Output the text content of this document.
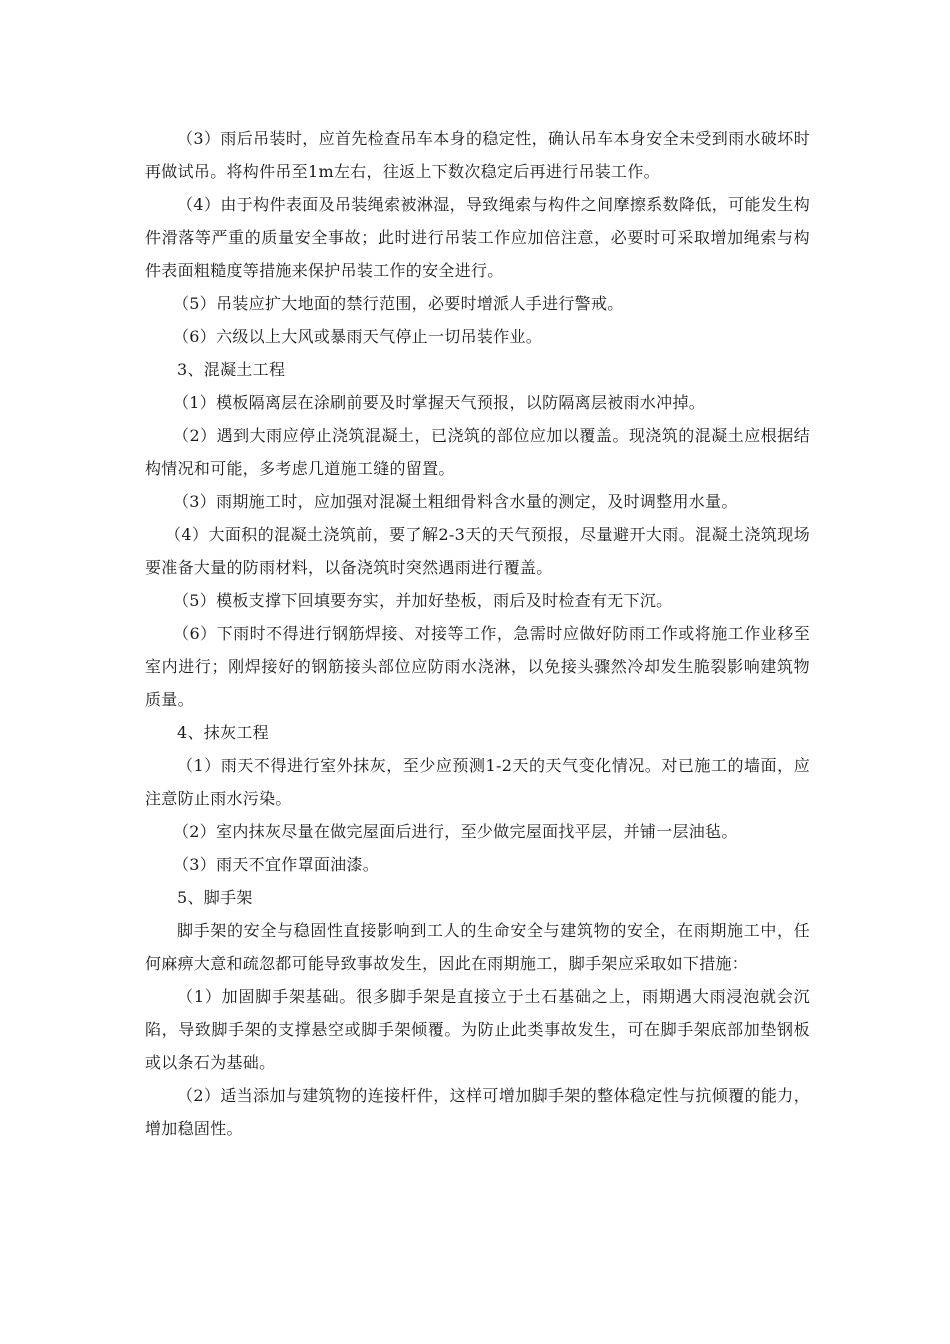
（3）雨后吊装时，应首先检查吊车本身的稳定性，确认吊车本身安全未受到雨水破坏时再做试吊。将构件吊至1m左右，往返上下数次稳定后再进行吊装工作。

（4）由于构件表面及吊装绳索被淋湿，导致绳索与构件之间摩擦系数降低，可能发生构件滑落等严重的质量安全事故；此时进行吊装工作应加倍注意，必要时可采取增加绳索与构件表面粗糙度等措施来保护吊装工作的安全进行。

（5）吊装应扩大地面的禁行范围，必要时增派人手进行警戒。

（6）六级以上大风或暴雨天气停止一切吊装作业。

3、混凝土工程

（1）模板隔离层在涂刷前要及时掌握天气预报，以防隔离层被雨水冲掉。

（2）遇到大雨应停止浇筑混凝土，已浇筑的部位应加以覆盖。现浇筑的混凝土应根据结构情况和可能，多考虑几道施工缝的留置。

（3）雨期施工时，应加强对混凝土粗细骨料含水量的测定，及时调整用水量。

（4）大面积的混凝土浇筑前，要了解2-3天的天气预报，尽量避开大雨。混凝土浇筑现场要准备大量的防雨材料，以备浇筑时突然遇雨进行覆盖。

（5）模板支撑下回填要夯实，并加好垫板，雨后及时检查有无下沉。

（6）下雨时不得进行钢筋焊接、对接等工作，急需时应做好防雨工作或将施工作业移至室内进行；刚焊接好的钢筋接头部位应防雨水浇淋，以免接头骤然冷却发生脆裂影响建筑物质量。

4、抹灰工程

（1）雨天不得进行室外抹灰，至少应预测1-2天的天气变化情况。对已施工的墙面，应注意防止雨水污染。

（2）室内抹灰尽量在做完屋面后进行，至少做完屋面找平层，并铺一层油毡。

（3）雨天不宜作罩面油漆。

5、脚手架

脚手架的安全与稳固性直接影响到工人的生命安全与建筑物的安全，在雨期施工中，任何麻痹大意和疏忽都可能导致事故发生，因此在雨期施工，脚手架应采取如下措施：

（1）加固脚手架基础。很多脚手架是直接立于土石基础之上，雨期遇大雨浸泡就会沉陷，导致脚手架的支撑悬空或脚手架倾覆。为防止此类事故发生，可在脚手架底部加垫钢板或以条石为基础。

（2）适当添加与建筑物的连接杆件，这样可增加脚手架的整体稳定性与抗倾覆的能力，增加稳固性。
